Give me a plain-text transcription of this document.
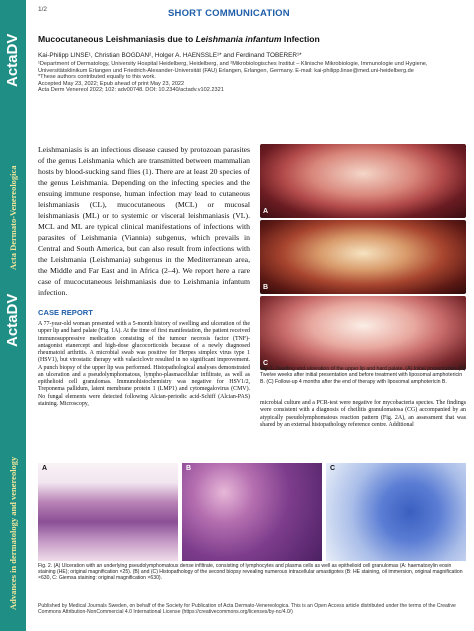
ActaDV
Acta Dermato-Venereologica
ActaDV
Advances in dermatology and venereology
1/2	SHORT COMMUNICATION
Mucocutaneous Leishmaniasis due to Leishmania infantum Infection
Kai-Philipp LINSE¹, Christian BOGDAN², Holger A. HAENSSLE¹* and Ferdinand TOBERER¹*
¹Department of Dermatology, University Hospital Heidelberg, Heidelberg, and ²Mikrobiologisches Institut – Klinische Mikrobiologie, Immunologie und Hygiene, Universitätsklinikum Erlangen und Friedrich-Alexander-Universität (FAU) Erlangen, Erlangen, Germany. E-mail: kai-philipp.linse@med.uni-heidelberg.de
*These authors contributed equally to this work.
Accepted May 23, 2022; Epub ahead of print May 23, 2022
Acta Derm Venereol 2022; 102: adv00748. DOI: 10.2340/actadv.v102.2321

Leishmaniasis is an infectious disease caused by protozoan parasites of the genus Leishmania which are transmitted between mammalian hosts by blood-sucking sand flies (1). There are at least 20 species of the genus Leishmania. Depending on the infecting species and the ensuing immune response, human infection may lead to cutaneous leishmaniasis (CL), mucocutaneous (MCL) or mucosal leishmaniasis (ML) or to systemic or visceral leishmaniasis (VL). MCL and ML are typical clinical manifestations of infections with parasites of Leishmania (Viannia) subgenus, which prevails in Central and South America, but can also result from infections with the Leishmania (Leishmania) subgenus in the Mediterranean area, the Middle and Far East and in Africa (2–4). We report here a rare case of mucocutaneous leishmaniasis due to Leishmania infantum infection.

CASE REPORT

A 77-year-old woman presented with a 5-month history of swelling and ulceration of the upper lip and hard palate (Fig. 1A). At the time of first manifestation, the patient received immunosuppressive medication consisting of the tumour necrosis factor (TNF)-antagonist etanercept and high-dose glucocorticoids because of a newly diagnosed rheumatoid arthritis. A microbial swab was positive for Herpes simplex virus type 1 (HSV1), but virostatic therapy with valaciclovir resulted in no significant improvement. A punch biopsy of the upper lip was performed. Histopathological analyses demonstrated an ulceration and a pseudolymphomatous, lympho-plasmacellular infiltrate, as well as epithelioid cell granulomas. Immunohistochemistry was negative for HSV1/2, Treponema pallidum, latent membrane protein 1 (LMP1) and cytomegalovirus (CMV). No fungal elements were detected following Alcian-periodic acid-Schiff (Alcian-PAS) staining. Microscopy,

A
B
C
Fig. 1. Swelling and ulceration of the upper lip and hard palate. (A) Initial presentation. (B) Twelve weeks after initial presentation and before treatment with liposomal amphotericin B. (C) Follow-up 4 months after the end of therapy with liposomal amphotericin B.

microbial culture and a PCR-test were negative for mycobacteria species. The findings were consistent with a diagnosis of cheilitis granulomatosa (CG) accompanied by an atypically pseudolymphomatous reaction pattern (Fig. 2A), an assessment that was shared by an external histopathology reference centre. Additional

A	B	C
Fig. 2. (A) Ulceration with an underlying pseudolymphomatous dense infiltrate, consisting of lymphocytes and plasma cells as well as epithelioid cell granulomas (A: haematoxylin eosin staining (HE); original magnification ×25). (B) and (C) Histopathology of the second biopsy revealing numerous intracellular amastigotes (B: HE staining, oil immersion, original magnification ×630, C: Giemsa staining: original magnification ×630).
Published by Medical Journals Sweden, on behalf of the Society for Publication of Acta Dermato-Venereologica. This is an Open Access article distributed under the terms of the Creative Commons Attribution-NonCommercial 4.0 International License (https://creativecommons.org/licenses/by-nc/4.0/)
